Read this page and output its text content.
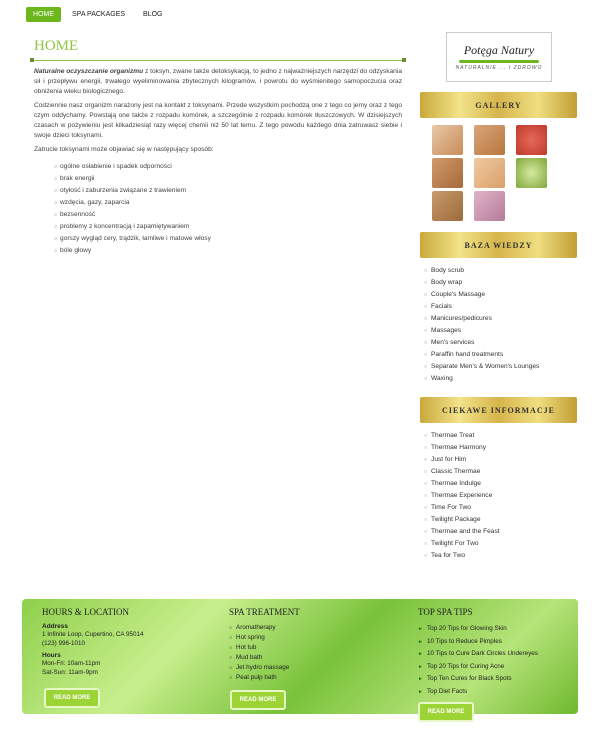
HOME	SPA PACKAGES	BLOG
HOME

Naturalne oczyszczanie organizmu z toksyn, zwane także detoksykacją, to jedno z najważniejszych narzędzi do odzyskania sił i przepływu energii, trwałego wyeliminowania zbytecznych kilogramów, i powrotu do wyśmienitego samopoczucia oraz obniżenia wieku biologicznego.

Codziennie nasz organizm narażony jest na kontakt z toksynami. Przede wszystkim pochodzą one z tego co jemy oraz z tego czym oddychamy. Powstają one także z rozpadu komórek, a szczególnie z rozpadu komórek tłuszczowych. W dzisiejszych czasach w pożywieniu jest kilkadziesiąt razy więcej chemii niż 50 lat temu. Z tego powodu każdego dnia zatruwasz siebie i swoje dzieci toksynami.

Zatrucie toksynami może objawiać się w następujący sposób:

○ ogólne osłabienie i spadek odporności
○ brak energii
○ otyłość i zaburzenia związane z trawieniem
○ wzdęcia, gazy, zaparcia
○ bezsenność
○ problemy z koncentracją i zapamiętywaniem
○ gorszy wygląd cery, trądzik, łamliwe i matowe włosy
○ bóle głowy
Potęga Natury
NATURALNIE ... I ZDROWO
GALLERY
BAZA WIEDZY
○ Body scrub
○ Body wrap
○ Couple's Massage
○ Facials
○ Manicures/pedicures
○ Massages
○ Men's services
○ Paraffin hand treatments
○ Separate Men's & Women's Lounges
○ Waxing
CIEKAWE INFORMACJE
○ Thermae Treat
○ Thermae Harmony
○ Just for Him
○ Classic Thermae
○ Thermae Indulge
○ Thermae Experience
○ Time For Two
○ Twilight Package
○ Thermae and the Feast
○ Twilight For Two
○ Tea for Two
HOURS & LOCATION
Address
1 Infinite Loop, Cupertino, CA 95014
(123) 996-1010
Hours
Mon-Fri: 10am-11pm
Sat-Sun: 11am-9pm
READ MORE
SPA TREATMENT
○ Aromatherapy
○ Hot spring
○ Hot tub
○ Mud bath
○ Jet hydro massage
○ Peat pulp bath
READ MORE
TOP SPA TIPS
► Top 20 Tips for Glowing Skin
► 10 Tips to Reduce Pimples
► 10 Tips to Cure Dark Circles Undereyes
► Top 20 Tips for Curing Acne
► Top Ten Cures for Black Spots
► Top Diet Facts
READ MORE
